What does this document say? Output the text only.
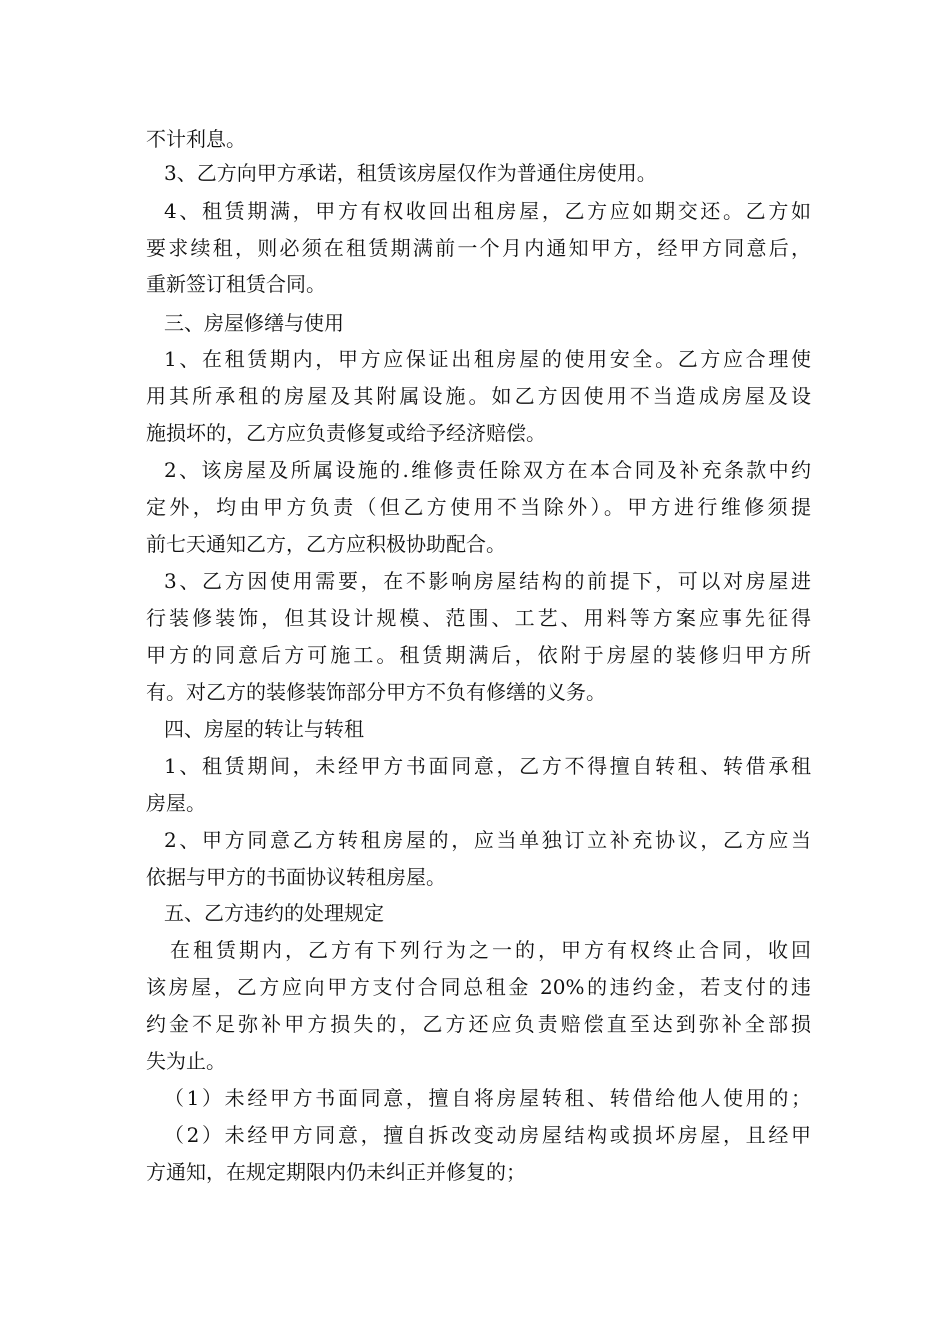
不计利息。
3、乙方向甲方承诺，租赁该房屋仅作为普通住房使用。
4、租赁期满，甲方有权收回出租房屋，乙方应如期交还。乙方如
要求续租，则必须在租赁期满前一个月内通知甲方，经甲方同意后，
重新签订租赁合同。
三、房屋修缮与使用
1、在租赁期内，甲方应保证出租房屋的使用安全。乙方应合理使
用其所承租的房屋及其附属设施。如乙方因使用不当造成房屋及设
施损坏的，乙方应负责修复或给予经济赔偿。
2、该房屋及所属设施的.维修责任除双方在本合同及补充条款中约
定外，均由甲方负责（但乙方使用不当除外）。甲方进行维修须提
前七天通知乙方，乙方应积极协助配合。
3、乙方因使用需要，在不影响房屋结构的前提下，可以对房屋进
行装修装饰，但其设计规模、范围、工艺、用料等方案应事先征得
甲方的同意后方可施工。租赁期满后，依附于房屋的装修归甲方所
有。对乙方的装修装饰部分甲方不负有修缮的义务。
四、房屋的转让与转租
1、租赁期间，未经甲方书面同意，乙方不得擅自转租、转借承租
房屋。
2、甲方同意乙方转租房屋的，应当单独订立补充协议，乙方应当
依据与甲方的书面协议转租房屋。
五、乙方违约的处理规定
在租赁期内，乙方有下列行为之一的，甲方有权终止合同，收回
该房屋，乙方应向甲方支付合同总租金 20%的违约金，若支付的违
约金不足弥补甲方损失的，乙方还应负责赔偿直至达到弥补全部损
失为止。
（1）未经甲方书面同意，擅自将房屋转租、转借给他人使用的；
（2）未经甲方同意，擅自拆改变动房屋结构或损坏房屋，且经甲
方通知，在规定期限内仍未纠正并修复的；
